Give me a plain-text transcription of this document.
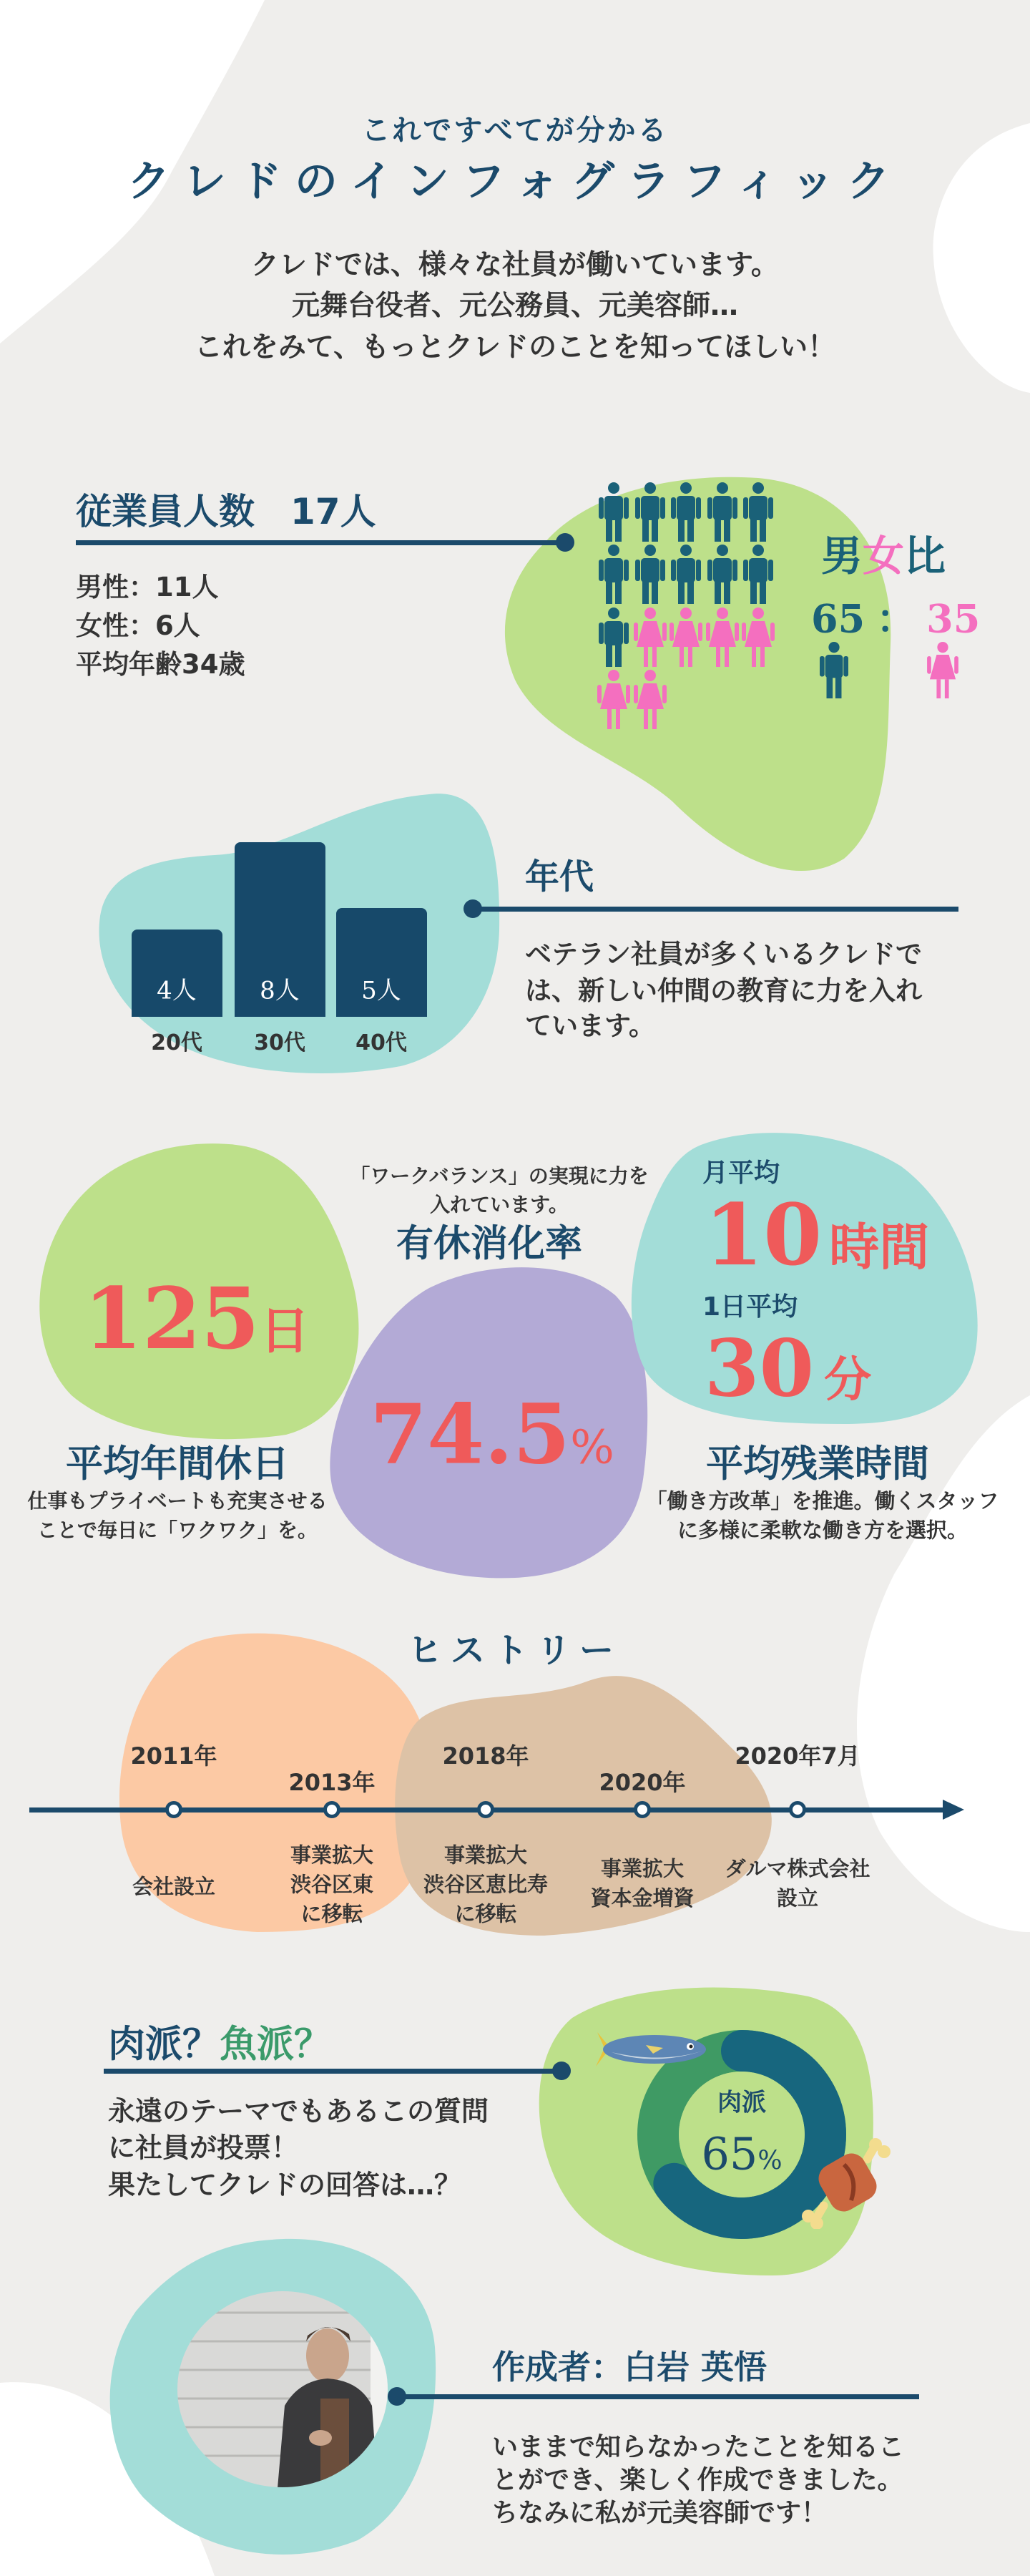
これですべてが分かる
クレドのインフォグラフィック
クレドでは、様々な社員が働いています。
元舞台役者、元公務員、元美容師…
これをみて、もっとクレドのことを知ってほしい！
従業員人数　17人
男性：11人
女性：6人
平均年齢34歳
男女比
65 ： 35
4人
20代
8人
30代
5人
40代
年代
ベテラン社員が多くいるクレドで
は、新しい仲間の教育に力を入れ
ています。
125日
平均年間休日
仕事もプライベートも充実させる
ことで毎日に「ワクワク」を。
「ワークバランス」の実現に力を
入れています。
有休消化率
74.5%
月平均
10 時間
1日平均
30 分
平均残業時間
「働き方改革」を推進。働くスタッフ
に多様に柔軟な働き方を選択。
ヒストリー
2011年
会社設立
2013年
事業拡大
渋谷区東
に移転
2018年
事業拡大
渋谷区恵比寿
に移転
2020年
事業拡大
資本金増資
2020年7月
ダルマ株式会社
設立
肉派？魚派？
永遠のテーマでもあるこの質問
に社員が投票！
果たしてクレドの回答は…？
肉派
65%
作成者：白岩 英悟
いままで知らなかったことを知るこ
とができ、楽しく作成できました。
ちなみに私が元美容師です！
